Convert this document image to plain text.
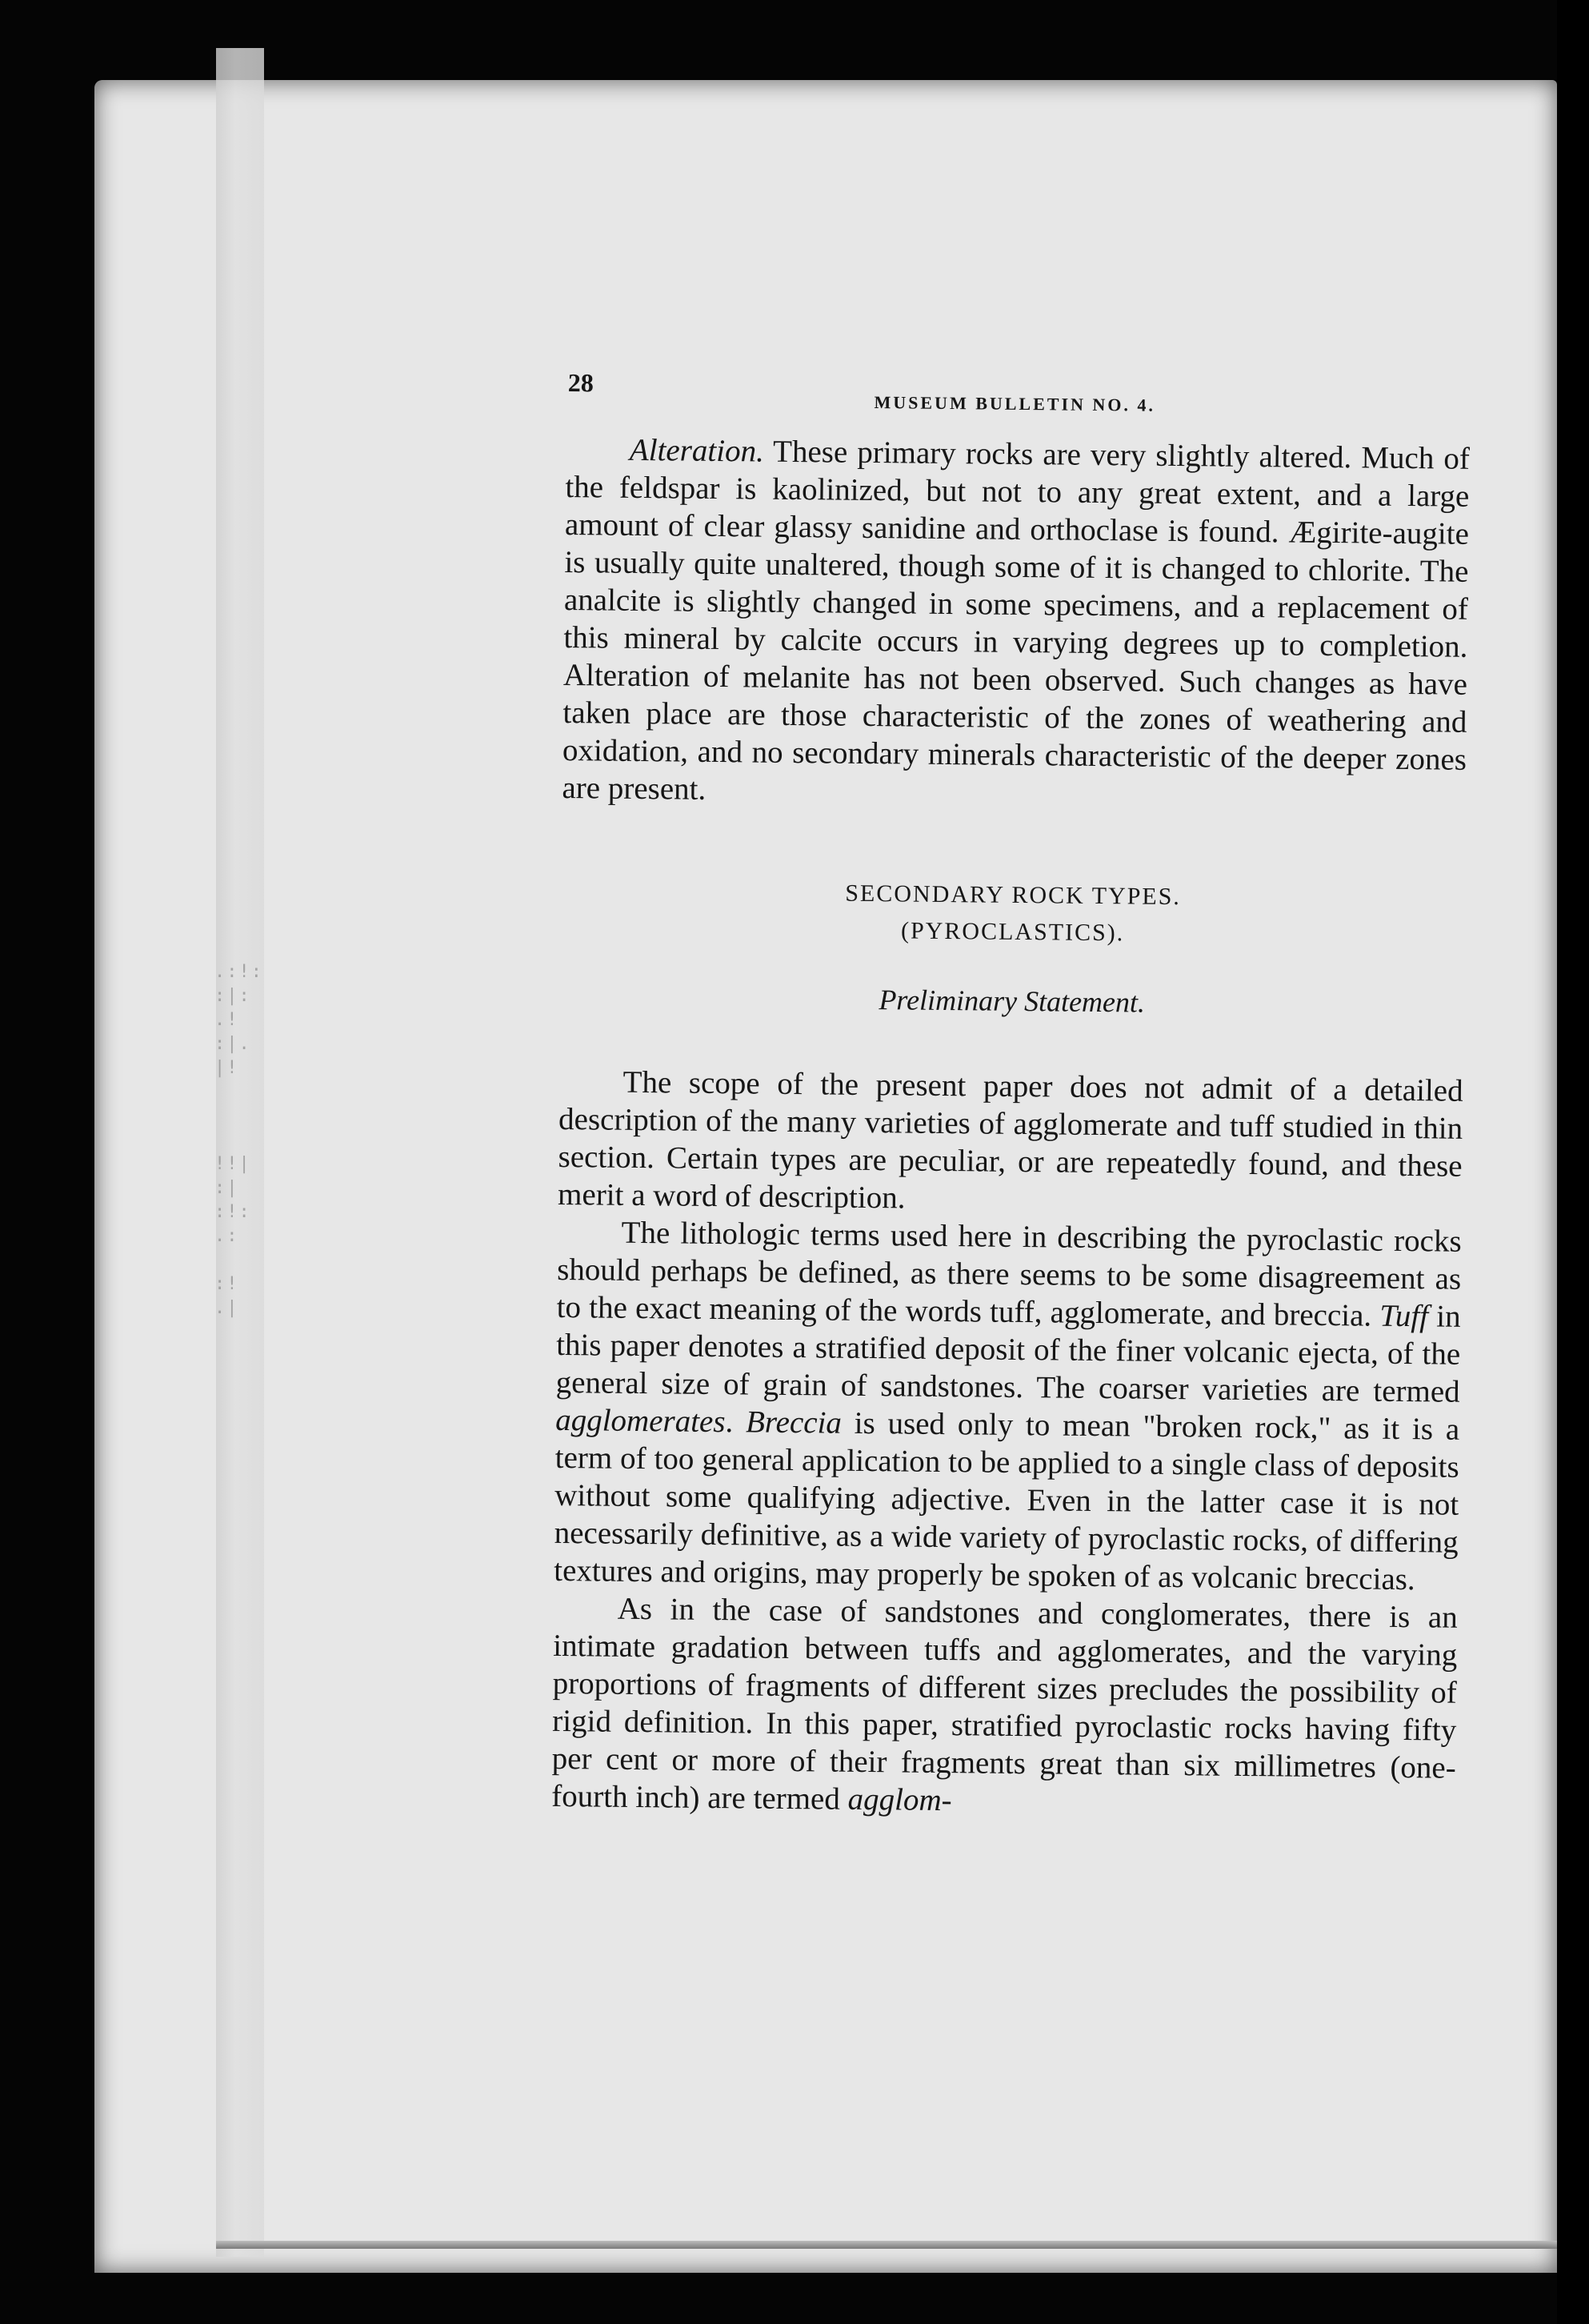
.:!:
:|:
.!
:|.
|!

!!|
:|
:!:
.:

:!
.|
28
MUSEUM BULLETIN NO. 4.

Alteration. These primary rocks are very slightly altered. Much of the feldspar is kaolinized, but not to any great extent, and a large amount of clear glassy sanidine and orthoclase is found. Ægirite-augite is usually quite unaltered, though some of it is changed to chlorite. The analcite is slightly changed in some specimens, and a replacement of this mineral by calcite occurs in varying degrees up to completion. Alteration of melanite has not been observed. Such changes as have taken place are those characteristic of the zones of weathering and oxidation, and no secondary minerals characteristic of the deeper zones are present.

SECONDARY ROCK TYPES.
(PYROCLASTICS).
Preliminary Statement.

The scope of the present paper does not admit of a detailed description of the many varieties of agglomerate and tuff studied in thin section. Certain types are peculiar, or are repeatedly found, and these merit a word of description.

The lithologic terms used here in describing the pyroclastic rocks should perhaps be defined, as there seems to be some disagreement as to the exact meaning of the words tuff, agglomerate, and breccia. Tuff in this paper denotes a stratified deposit of the finer volcanic ejecta, of the general size of grain of sandstones. The coarser varieties are termed agglomerates. Breccia is used only to mean "broken rock," as it is a term of too general application to be applied to a single class of deposits without some qualifying adjective. Even in the latter case it is not necessarily definitive, as a wide variety of pyroclastic rocks, of differing textures and origins, may properly be spoken of as volcanic breccias.

As in the case of sandstones and conglomerates, there is an intimate gradation between tuffs and agglomerates, and the varying proportions of fragments of different sizes precludes the possibility of rigid definition. In this paper, stratified pyroclastic rocks having fifty per cent or more of their fragments great than six millimetres (one-fourth inch) are termed agglom-
